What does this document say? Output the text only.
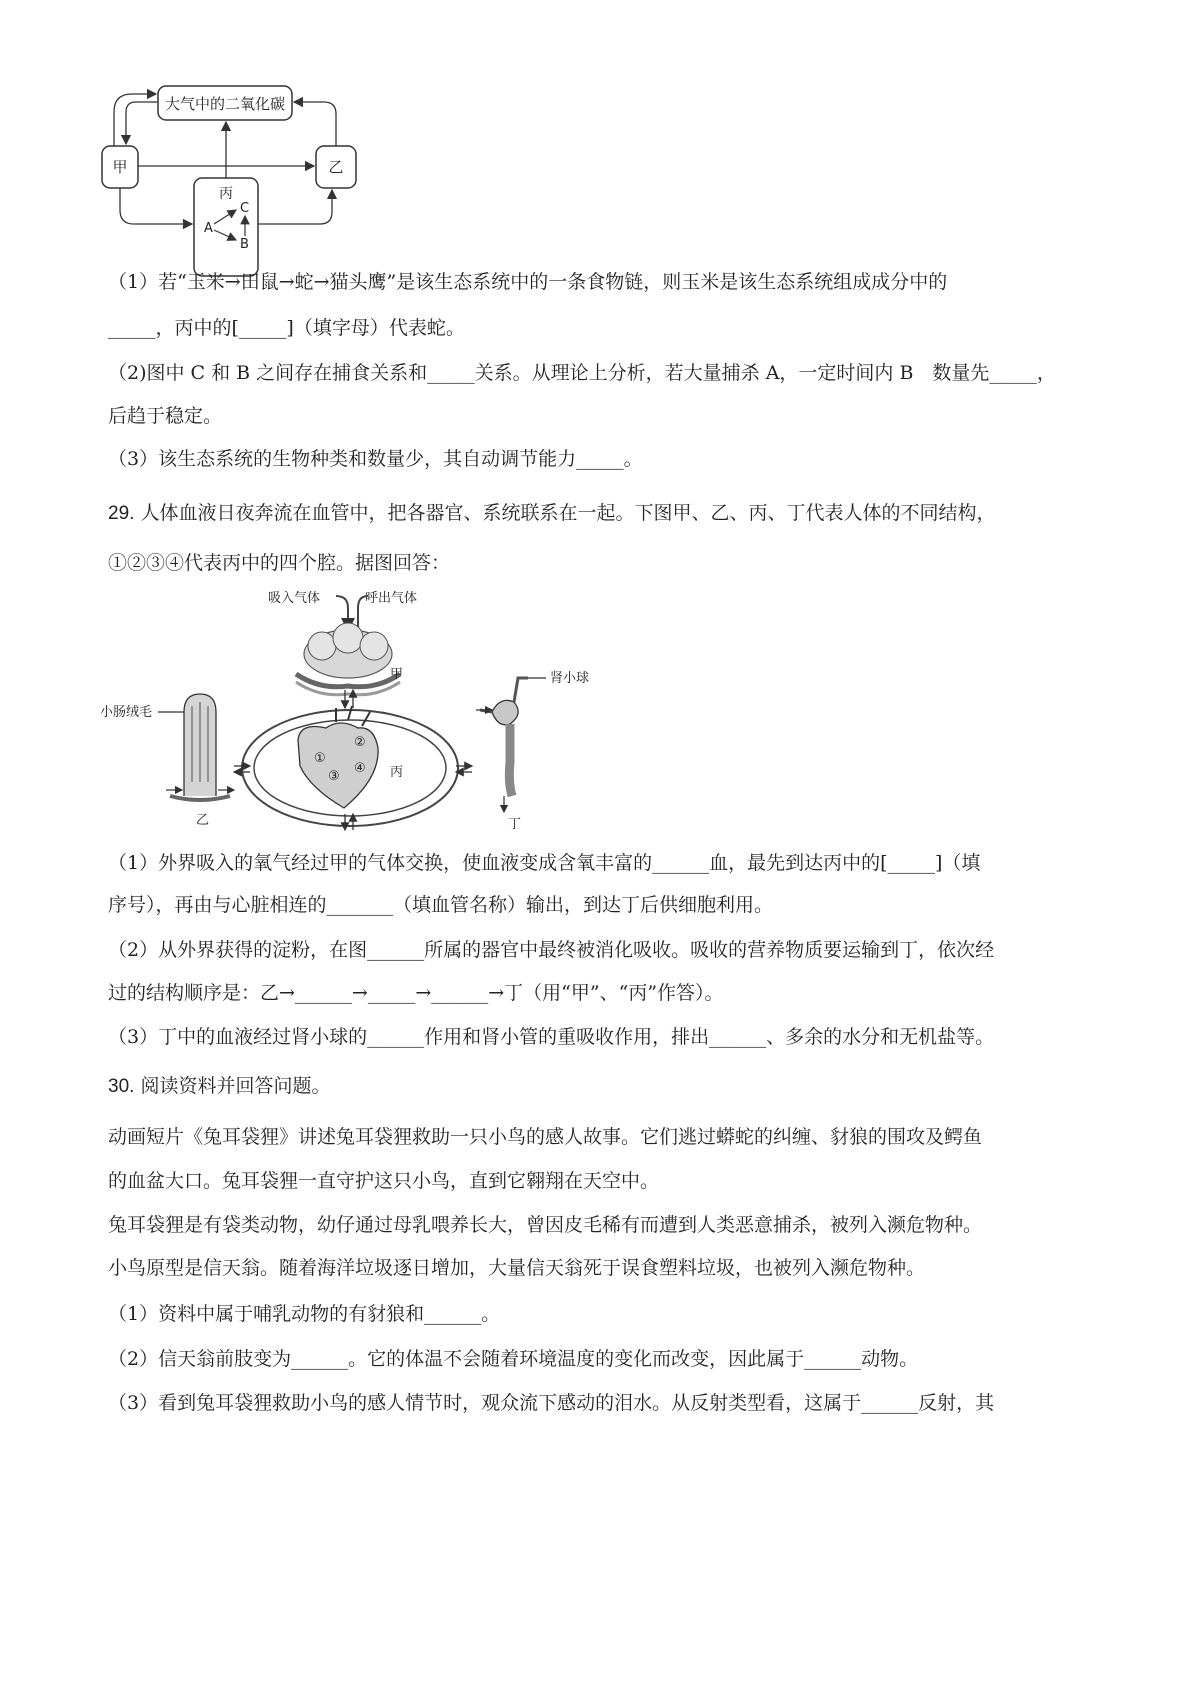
大气中的二氧化碳
甲	乙
丙
A
C
B
（1）若“玉米→田鼠→蛇→猫头鹰”是该生态系统中的一条食物链，则玉米是该生态系统组成成分中的
_____，丙中的[_____]（填字母）代表蛇。
（2)图中 C 和 B 之间存在捕食关系和_____关系。从理论上分析，若大量捕杀 A，一定时间内 B　数量先_____，
后趋于稳定。
（3）该生态系统的生物种类和数量少，其自动调节能力_____。
29. 人体血液日夜奔流在血管中，把各器官、系统联系在一起。下图甲、乙、丙、丁代表人体的不同结构，
①②③④代表丙中的四个腔。据图回答：
吸入气体	呼出气体
甲
①
②
③
④ 丙
小肠绒毛
乙
肾小球
丁
（1）外界吸入的氧气经过甲的气体交换，使血液变成含氧丰富的______血，最先到达丙中的[_____]（填
序号），再由与心脏相连的_______（填血管名称）输出，到达丁后供细胞利用。
（2）从外界获得的淀粉，在图______所属的器官中最终被消化吸收。吸收的营养物质要运输到丁，依次经
过的结构顺序是：乙→______→_____→______→丁（用“甲”、“丙”作答）。
（3）丁中的血液经过肾小球的______作用和肾小管的重吸收作用，排出______、多余的水分和无机盐等。
30. 阅读资料并回答问题。
动画短片《兔耳袋狸》讲述兔耳袋狸救助一只小鸟的感人故事。它们逃过蟒蛇的纠缠、豺狼的围攻及鳄鱼
的血盆大口。兔耳袋狸一直守护这只小鸟，直到它翱翔在天空中。
兔耳袋狸是有袋类动物，幼仔通过母乳喂养长大，曾因皮毛稀有而遭到人类恶意捕杀，被列入濒危物种。
小鸟原型是信天翁。随着海洋垃圾逐日增加，大量信天翁死于误食塑料垃圾，也被列入濒危物种。
（1）资料中属于哺乳动物的有豺狼和______。
（2）信天翁前肢变为______。它的体温不会随着环境温度的变化而改变，因此属于______动物。
（3）看到兔耳袋狸救助小鸟的感人情节时，观众流下感动的泪水。从反射类型看，这属于______反射，其
